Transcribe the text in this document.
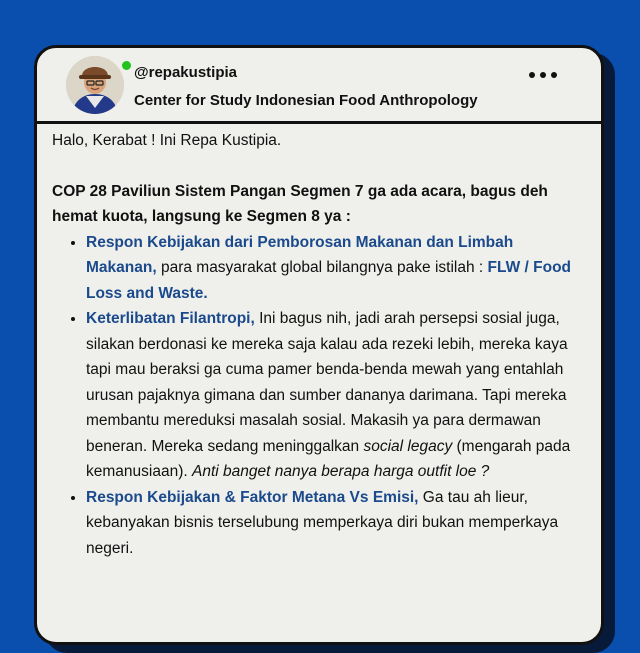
@repakustipia
Center for Study Indonesian Food Anthropology

Halo, Kerabat ! Ini Repa Kustipia.

COP 28 Paviliun Sistem Pangan Segmen 7 ga ada acara, bagus deh hemat kuota, langsung ke Segmen 8 ya :

• Respon Kebijakan dari Pemborosan Makanan dan Limbah Makanan, para masyarakat global bilangnya pake istilah : FLW / Food Loss and Waste.
• Keterlibatan Filantropi, Ini bagus nih, jadi arah persepsi sosial juga, silakan berdonasi ke mereka saja kalau ada rezeki lebih, mereka kaya tapi mau beraksi ga cuma pamer benda-benda mewah yang entahlah urusan pajaknya gimana dan sumber dananya darimana. Tapi mereka membantu mereduksi masalah sosial. Makasih ya para dermawan beneran. Mereka sedang meninggalkan social legacy (mengarah pada kemanusiaan). Anti banget nanya berapa harga outfit loe ?
• Respon Kebijakan & Faktor Metana Vs Emisi, Ga tau ah lieur, kebanyakan bisnis terselubung memperkaya diri bukan memperkaya negeri.
